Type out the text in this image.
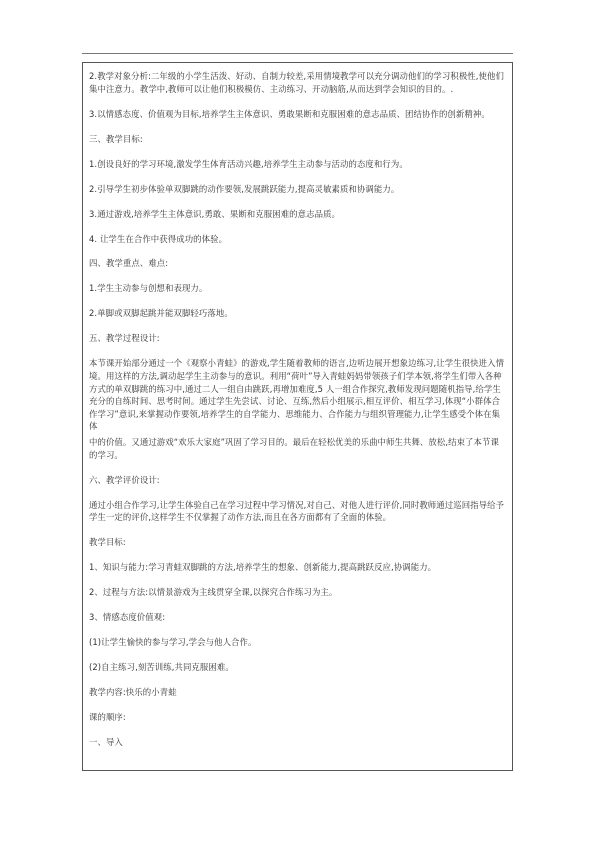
2.教学对象分析:二年级的小学生活泼、好动、自制力较差,采用情境教学可以充分调动他们的学习积极性,使他们集中注意力。教学中,教师可以让他们积极模仿、主动练习、开动脑筋,从而达到学会知识的目的。.

3.以情感态度、价值观为目标,培养学生主体意识、勇敢果断和克服困难的意志品质、团结协作的创新精神。

三、教学目标:

1.创设良好的学习环境,激发学生体育活动兴趣,培养学生主动参与活动的态度和行为。

2.引导学生初步体验单双脚跳的动作要领,发展跳跃能力,提高灵敏素质和协调能力。

3.通过游戏,培养学生主体意识,勇敢、果断和克服困难的意志品质。

4. 让学生在合作中获得成功的体验。

四、教学重点、难点:

1.学生主动参与创想和表现力。

2.单脚或双脚起跳并能双脚轻巧落地。

五、教学过程设计:

本节课开始部分通过一个《观察小青蛙》的游戏,学生随着教师的语言,边听边展开想象边练习,让学生很快进入情境。用这样的方法,调动起学生主动参与的意识。利用“荷叶”导入青蛙妈妈带领孩子们学本领,将学生们带入各种方式的单双脚跳的练习中,通过二人一组自由跳跃,再增加难度,5 人一组合作探究,教师发现问题随机指导,给学生充分的自练时间、思考时间。通过学生先尝试、讨论、互练,然后小组展示,相互评价、相互学习,体现“小群体合作学习”意识,来掌握动作要领,培养学生的自学能力、思维能力、合作能力与组织管理能力,让学生感受个体在集体

中的价值。又通过游戏“欢乐大家庭”巩固了学习目的。最后在轻松优美的乐曲中师生共舞、放松,结束了本节课的学习。

六、教学评价设计:

通过小组合作学习,让学生体验自己在学习过程中学习情况,对自己、对他人进行评价,同时教师通过巡回指导给予学生一定的评价,这样学生不仅掌握了动作方法,而且在各方面都有了全面的体验。

教学目标:

1、知识与能力:学习青蛙双脚跳的方法,培养学生的想象、创新能力,提高跳跃反应,协调能力。

2、过程与方法:以情景游戏为主线贯穿全课,以探究合作练习为主。

3、情感态度价值观:

(1)让学生愉快的参与学习,学会与他人合作。

(2)自主练习,刻苦训练,共同克服困难。

教学内容:快乐的小青蛙

课的顺序:

一、导入
